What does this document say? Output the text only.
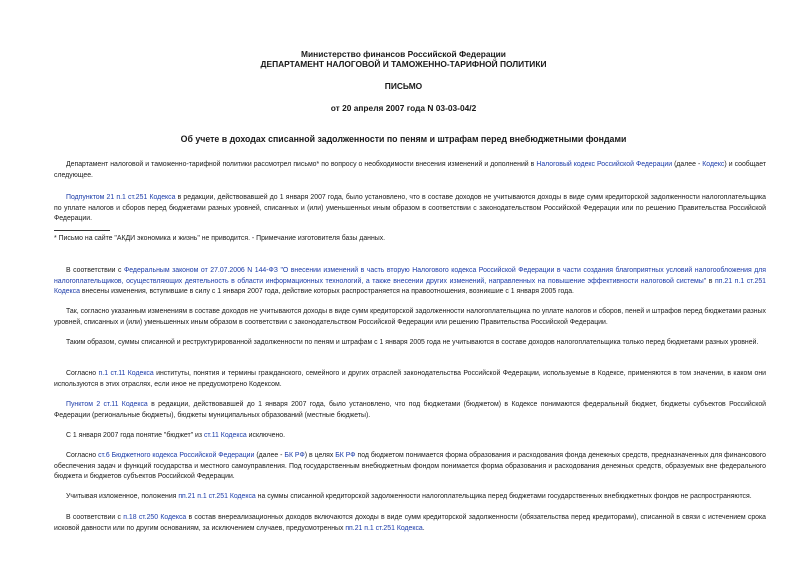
Министерство финансов Российской Федерации
ДЕПАРТАМЕНТ НАЛОГОВОЙ И ТАМОЖЕННО-ТАРИФНОЙ ПОЛИТИКИ
ПИСЬМО
от 20 апреля 2007 года N 03-03-04/2
Об учете в доходах списанной задолженности по пеням и штрафам перед внебюджетными фондами
Департамент налоговой и таможенно-тарифной политики рассмотрел письмо* по вопросу о необходимости внесения изменений и дополнений в Налоговый кодекс Российской Федерации (далее - Кодекс) и сообщает следующее.
Подпунктом 21 п.1 ст.251 Кодекса в редакции, действовавшей до 1 января 2007 года, было установлено, что в составе доходов не учитываются доходы в виде сумм кредиторской задолженности налогоплательщика по уплате налогов и сборов перед бюджетами разных уровней, списанных и (или) уменьшенных иным образом в соответствии с законодательством Российской Федерации или по решению Правительства Российской Федерации.
* Письмо на сайте "АКДИ экономика и жизнь" не приводится. - Примечание изготовителя базы данных.
В соответствии с Федеральным законом от 27.07.2006 N 144-ФЗ "О внесении изменений в часть вторую Налогового кодекса Российской Федерации в части создания благоприятных условий налогообложения для налогоплательщиков, осуществляющих деятельность в области информационных технологий, а также внесении других изменений, направленных на повышение эффективности налоговой системы" в пп.21 п.1 ст.251 Кодекса внесены изменения, вступившие в силу с 1 января 2007 года, действие которых распространяется на правоотношения, возникшие с 1 января 2005 года.
Так, согласно указанным изменениям в составе доходов не учитываются доходы в виде сумм кредиторской задолженности налогоплательщика по уплате налогов и сборов, пеней и штрафов перед бюджетами разных уровней, списанных и (или) уменьшенных иным образом в соответствии с законодательством Российской Федерации или решению Правительства Российской Федерации.
Таким образом, суммы списанной и реструктурированной задолженности по пеням и штрафам с 1 января 2005 года не учитываются в составе доходов налогоплательщика только перед бюджетами разных уровней.
Согласно п.1 ст.11 Кодекса институты, понятия и термины гражданского, семейного и других отраслей законодательства Российской Федерации, используемые в Кодексе, применяются в том значении, в каком они используются в этих отраслях, если иное не предусмотрено Кодексом.
Пунктом 2 ст.11 Кодекса в редакции, действовавшей до 1 января 2007 года, было установлено, что под бюджетами (бюджетом) в Кодексе понимаются федеральный бюджет, бюджеты субъектов Российской Федерации (региональные бюджеты), бюджеты муниципальных образований (местные бюджеты).
С 1 января 2007 года понятие "бюджет" из ст.11 Кодекса исключено.
Согласно ст.6 Бюджетного кодекса Российской Федерации (далее - БК РФ) в целях БК РФ под бюджетом понимается форма образования и расходования фонда денежных средств, предназначенных для финансового обеспечения задач и функций государства и местного самоуправления. Под государственным внебюджетным фондом понимается форма образования и расходования денежных средств, образуемых вне федерального бюджета и бюджетов субъектов Российской Федерации.
Учитывая изложенное, положения пп.21 п.1 ст.251 Кодекса на суммы списанной кредиторской задолженности налогоплательщика перед бюджетами государственных внебюджетных фондов не распространяются.
В соответствии с п.18 ст.250 Кодекса в состав внереализационных доходов включаются доходы в виде сумм кредиторской задолженности (обязательства перед кредиторами), списанной в связи с истечением срока исковой давности или по другим основаниям, за исключением случаев, предусмотренных пп.21 п.1 ст.251 Кодекса.
